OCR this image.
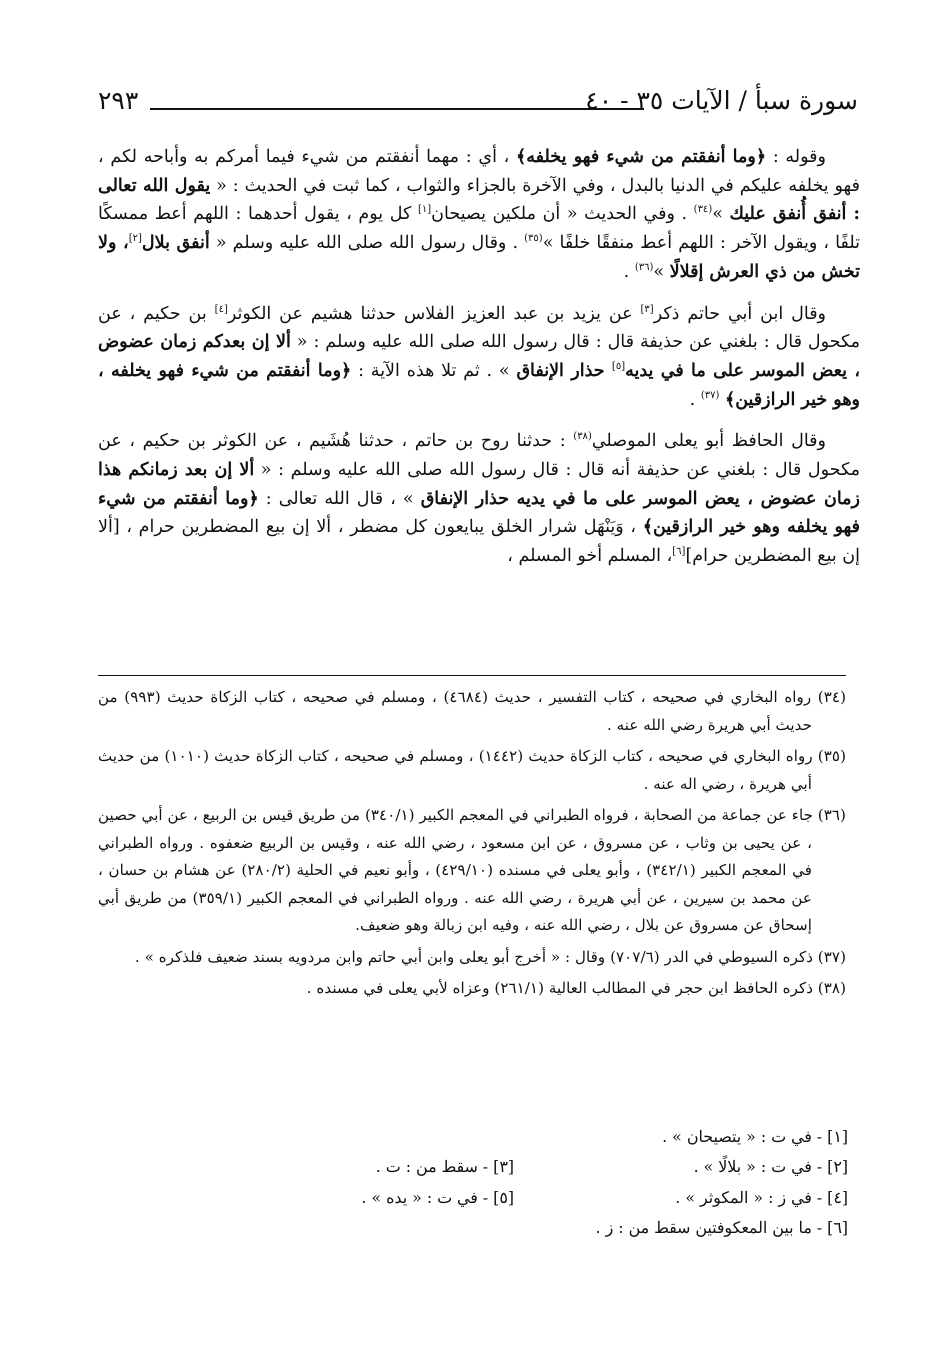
سورة سبأ / الآيات ٣٥ - ٤٠
٢٩٣

وقوله : ﴿وما أنفقتم من شيء فهو يخلفه﴾ ، أي : مهما أنفقتم من شيء فيما أمركم به وأباحه لكم ، فهو يخلفه عليكم في الدنيا بالبدل ، وفي الآخرة بالجزاء والثواب ، كما ثبت في الحديث : « يقول الله تعالى : أنفق أُنفق عليك »$^{(٣٤)}$ . وفي الحديث « أن ملكين يصيحان[١] كل يوم ، يقول أحدهما : اللهم أعط ممسكًا تلفًا ، ويقول الآخر : اللهم أعط منفقًا خلفًا »$^{(٣٥)}$ . وقال رسول الله صلى الله عليه وسلم « أنفق بلال[٢]، ولا تخش من ذي العرش إقلالًا »$^{(٣٦)}$ .

وقال ابن أبي حاتم ذكر[٣] عن يزيد بن عبد العزيز الفلاس حدثنا هشيم عن الكوثر[٤] بن حكيم ، عن مكحول قال : بلغني عن حذيفة قال : قال رسول الله صلى الله عليه وسلم : « ألا إن بعدكم زمان عضوض ، يعض الموسر على ما في يديه[٥] حذار الإنفاق » . ثم تلا هذه الآية : ﴿وما أنفقتم من شيء فهو يخلفه ، وهو خير الرازقين﴾ $^{(٣٧)}$ .

وقال الحافظ أبو يعلى الموصلي$^{(٣٨)}$ : حدثنا روح بن حاتم ، حدثنا هُشَيم ، عن الكوثر بن حكيم ، عن مكحول قال : بلغني عن حذيفة أنه قال : قال رسول الله صلى الله عليه وسلم : « ألا إن بعد زمانكم هذا زمان عضوض ، يعض الموسر على ما في يديه حذار الإنفاق » ، قال الله تعالى : ﴿وما أنفقتم من شيء فهو يخلفه وهو خير الرازقين﴾ ، وَيَنْهَل شرار الخلق يبايعون كل مضطر ، ألا إن بيع المضطرين حرام ، [ألا إن بيع المضطرين حرام][٦]، المسلم أخو المسلم ،

(٣٤) رواه البخاري في صحيحه ، كتاب التفسير ، حديث (٤٦٨٤) ، ومسلم في صحيحه ، كتاب الزكاة حديث (٩٩٣) من حديث أبي هريرة رضي الله عنه .

(٣٥) رواه البخاري في صحيحه ، كتاب الزكاة حديث (١٤٤٢) ، ومسلم في صحيحه ، كتاب الزكاة حديث (١٠١٠) من حديث أبي هريرة ، رضي اله عنه .

(٣٦) جاء عن جماعة من الصحابة ، فرواه الطبراني في المعجم الكبير (٣٤٠/١) من طريق قيس بن الربيع ، عن أبي حصين ، عن يحيى بن وثاب ، عن مسروق ، عن ابن مسعود ، رضي الله عنه ، وقيس بن الربيع ضعفوه . ورواه الطبراني في المعجم الكبير (٣٤٢/١) ، وأبو يعلى في مسنده (٤٢٩/١٠) ، وأبو نعيم في الحلية (٢٨٠/٢) عن هشام بن حسان ، عن محمد بن سيرين ، عن أبي هريرة ، رضي الله عنه . ورواه الطبراني في المعجم الكبير (٣٥٩/١) من طريق أبي إسحاق عن مسروق عن بلال ، رضي الله عنه ، وفيه ابن زبالة وهو ضعيف.

(٣٧) ذكره السيوطي في الدر (٧٠٧/٦) وقال : « أخرج أبو يعلى وابن أبي حاتم وابن مردويه بسند ضعيف فلذكره » .

(٣٨) ذكره الحافظ ابن حجر في المطالب العالية (٢٦١/١) وعزاه لأبي يعلى في مسنده .

[١] - في ت : « يتصيحان » .
[٢] - في ت : « بلالًا » .
[٣] - سقط من : ت .
[٤] - في ز : « المكوثر » .
[٥] - في ت : « يده » .
[٦] - ما بين المعكوفتين سقط من : ز .
